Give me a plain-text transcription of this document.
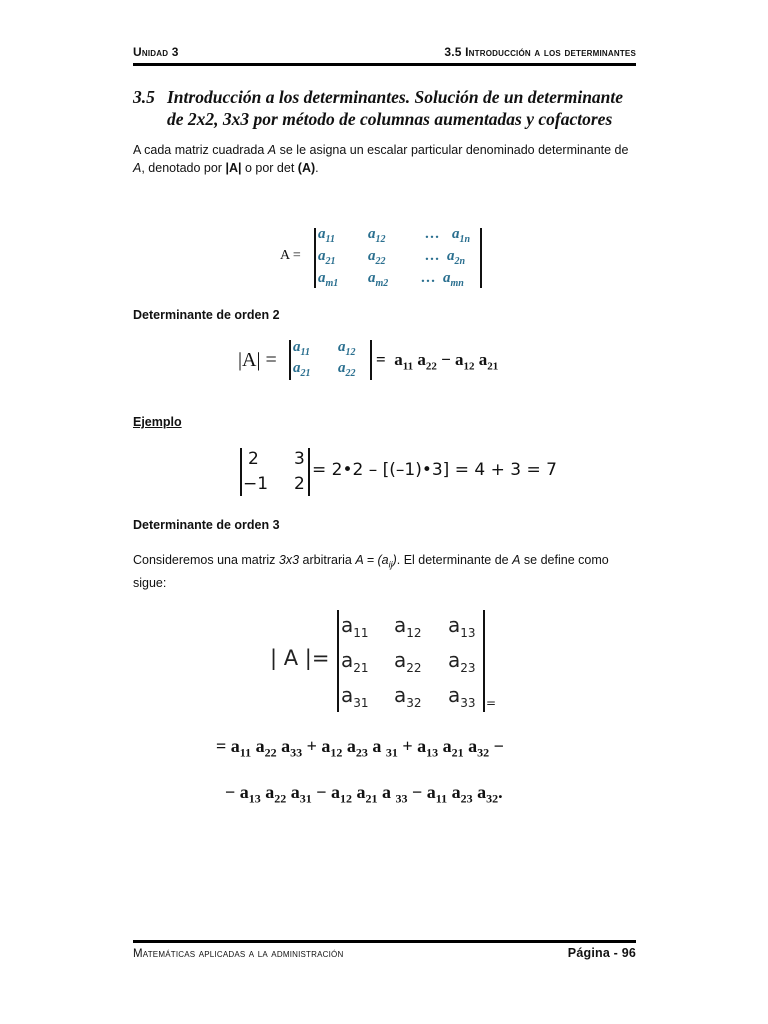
Unidad 3	3.5 Introducción a los determinantes
3.5 Introducción a los determinantes. Solución de un determinante
de 2x2, 3x3 por método de columnas aumentadas y cofactores
A cada matriz cuadrada A se le asigna un escalar particular denominado determinante de A, denotado por |A| o por det (A).
A =
$a_{11}$ $a_{12}$	… $a_{1n}$
$a_{21}$ $a_{22}$	… $a_{2n}$
$a_{m1}$ $a_{m2}$ … $a_{mn}$
Determinante de orden 2
|A| =
$a_{11}$ $a_{12}$
$a_{21}$ $a_{22}$
=  $a_{11}$ $a_{22} - a_{12}$ $a_{21}$
Ejemplo
2 3
−1 2
= 2•2 – [(–1)•3] = 4 + 3 = 7
Determinante de orden 3
Consideremos una matriz 3x3 arbitraria $A = (a_{ij})$. El determinante de A se define como sigue:
| A |=
$a_{11}$ $a_{12}$ $a_{13}$
$a_{21}$ $a_{22}$ $a_{23}$
$a_{31}$ $a_{32}$ $a_{33}$ =
= $a_{11}$ $a_{22}$ $a_{33} + a_{12}$ $a_{23}$ a $_{31} + a_{13}$ $a_{21}$ $a_{32}$ −
− $a_{13}$ $a_{22}$ $a_{31} - a_{12}$ $a_{21}$ a $_{33} - a_{11}$ $a_{23}$ $a_{32}$.
Matemáticas aplicadas a la administración	Página - 96
